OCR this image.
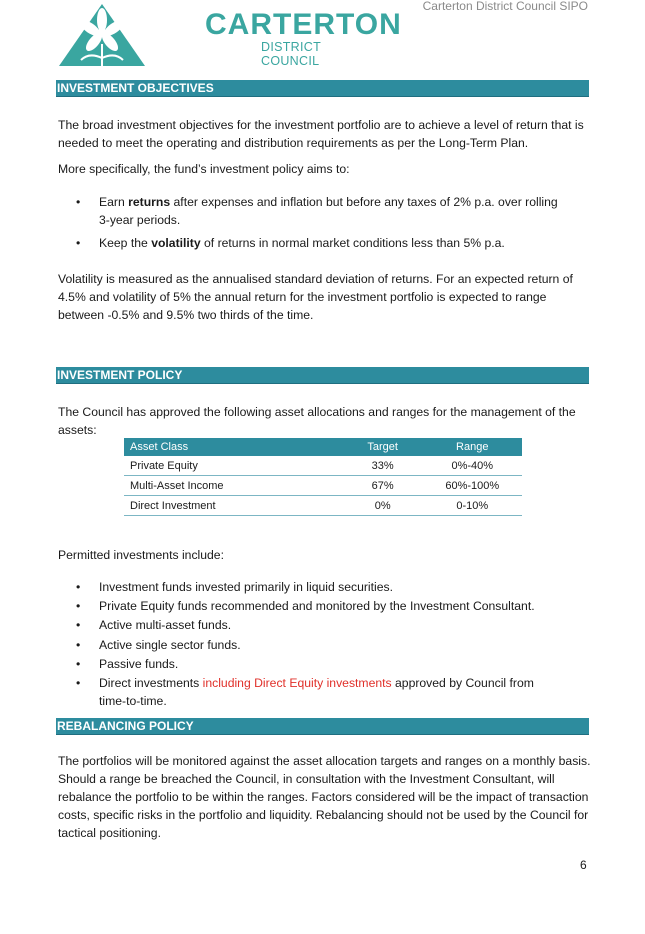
Carterton District Council SIPO
CARTERTON
DISTRICT COUNCIL
INVESTMENT OBJECTIVES

The broad investment objectives for the investment portfolio are to achieve a level of return that is needed to meet the operating and distribution requirements as per the Long-Term Plan.

More specifically, the fund’s investment policy aims to:

• Earn returns after expenses and inflation but before any taxes of 2% p.a. over rolling 3-year periods.
• Keep the volatility of returns in normal market conditions less than 5% p.a.

Volatility is measured as the annualised standard deviation of returns. For an expected return of 4.5% and volatility of 5% the annual return for the investment portfolio is expected to range between -0.5% and 9.5% two thirds of the time.

INVESTMENT POLICY

The Council has approved the following asset allocations and ranges for the management of the assets:

Asset Class	Target	Range
Private Equity	33%	0%-40%
Multi-Asset Income	67%	60%-100%
Direct Investment	0%	0-10%

Permitted investments include:

• Investment funds invested primarily in liquid securities.
• Private Equity funds recommended and monitored by the Investment Consultant.
• Active multi-asset funds.
• Active single sector funds.
• Passive funds.
• Direct investments including Direct Equity investments approved by Council from time-to-time.
REBALANCING POLICY

The portfolios will be monitored against the asset allocation targets and ranges on a monthly basis. Should a range be breached the Council, in consultation with the Investment Consultant, will rebalance the portfolio to be within the ranges. Factors considered will be the impact of transaction costs, specific risks in the portfolio and liquidity. Rebalancing should not be used by the Council for tactical positioning.

6
